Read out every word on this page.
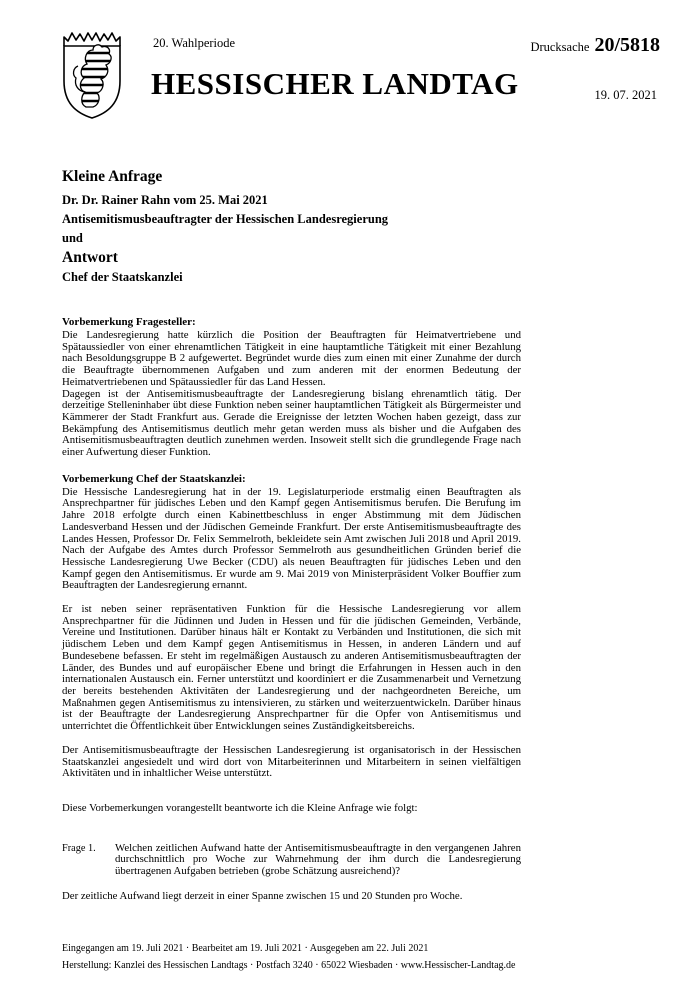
20. Wahlperiode
HESSISCHER LANDTAG
Drucksache 20/5818
19. 07. 2021
Kleine Anfrage
Dr. Dr. Rainer Rahn vom 25. Mai 2021
Antisemitismusbeauftragter der Hessischen Landesregierung
und
Antwort
Chef der Staatskanzlei
Vorbemerkung Fragesteller:

Die Landesregierung hatte kürzlich die Position der Beauftragten für Heimatvertriebene und Spätaussiedler von einer ehrenamtlichen Tätigkeit in eine hauptamtliche Tätigkeit mit einer Bezahlung nach Besoldungsgruppe B 2 aufgewertet. Begründet wurde dies zum einen mit einer Zunahme der durch die Beauftragte übernommenen Aufgaben und zum anderen mit der enormen Bedeutung der Heimatvertriebenen und Spätaussiedler für das Land Hessen.

Dagegen ist der Antisemitismusbeauftragte der Landesregierung bislang ehrenamtlich tätig. Der derzeitige Stelleninhaber übt diese Funktion neben seiner hauptamtlichen Tätigkeit als Bürgermeister und Kämmerer der Stadt Frankfurt aus. Gerade die Ereignisse der letzten Wochen haben gezeigt, dass zur Bekämpfung des Antisemitismus deutlich mehr getan werden muss als bisher und die Aufgaben des Antisemitismusbeauftragten deutlich zunehmen werden. Insoweit stellt sich die grundlegende Frage nach einer Aufwertung dieser Funktion.

Vorbemerkung Chef der Staatskanzlei:

Die Hessische Landesregierung hat in der 19. Legislaturperiode erstmalig einen Beauftragten als Ansprechpartner für jüdisches Leben und den Kampf gegen Antisemitismus berufen. Die Berufung im Jahre 2018 erfolgte durch einen Kabinettbeschluss in enger Abstimmung mit dem Jüdischen Landesverband Hessen und der Jüdischen Gemeinde Frankfurt. Der erste Antisemitismusbeauftragte des Landes Hessen, Professor Dr. Felix Semmelroth, bekleidete sein Amt zwischen Juli 2018 und April 2019. Nach der Aufgabe des Amtes durch Professor Semmelroth aus gesundheitlichen Gründen berief die Hessische Landesregierung Uwe Becker (CDU) als neuen Beauftragten für jüdisches Leben und den Kampf gegen den Antisemitismus. Er wurde am 9. Mai 2019 von Ministerpräsident Volker Bouffier zum Beauftragten der Landesregierung ernannt.

Er ist neben seiner repräsentativen Funktion für die Hessische Landesregierung vor allem Ansprechpartner für die Jüdinnen und Juden in Hessen und für die jüdischen Gemeinden, Verbände, Vereine und Institutionen. Darüber hinaus hält er Kontakt zu Verbänden und Institutionen, die sich mit jüdischem Leben und dem Kampf gegen Antisemitismus in Hessen, in anderen Ländern und auf Bundesebene befassen. Er steht im regelmäßigen Austausch zu anderen Antisemitismusbeauftragten der Länder, des Bundes und auf europäischer Ebene und bringt die Erfahrungen in Hessen auch in den internationalen Austausch ein. Ferner unterstützt und koordiniert er die Zusammenarbeit und Vernetzung der bereits bestehenden Aktivitäten der Landesregierung und der nachgeordneten Bereiche, um Maßnahmen gegen Antisemitismus zu intensivieren, zu stärken und weiterzuentwickeln. Darüber hinaus ist der Beauftragte der Landesregierung Ansprechpartner für die Opfer von Antisemitismus und unterrichtet die Öffentlichkeit über Entwicklungen seines Zuständigkeitsbereichs.

Der Antisemitismusbeauftragte der Hessischen Landesregierung ist organisatorisch in der Hessischen Staatskanzlei angesiedelt und wird dort von Mitarbeiterinnen und Mitarbeitern in seinen vielfältigen Aktivitäten und in inhaltlicher Weise unterstützt.

Diese Vorbemerkungen vorangestellt beantworte ich die Kleine Anfrage wie folgt:

Frage 1.	Welchen zeitlichen Aufwand hatte der Antisemitismusbeauftragte in den vergangenen Jahren durchschnittlich pro Woche zur Wahrnehmung der ihm durch die Landesregierung übertragenen Aufgaben betrieben (grobe Schätzung ausreichend)?

Der zeitliche Aufwand liegt derzeit in einer Spanne zwischen 15 und 20 Stunden pro Woche.

Eingegangen am 19. Juli 2021 · Bearbeitet am 19. Juli 2021 · Ausgegeben am 22. Juli 2021
Herstellung: Kanzlei des Hessischen Landtags · Postfach 3240 · 65022 Wiesbaden · www.Hessischer-Landtag.de
